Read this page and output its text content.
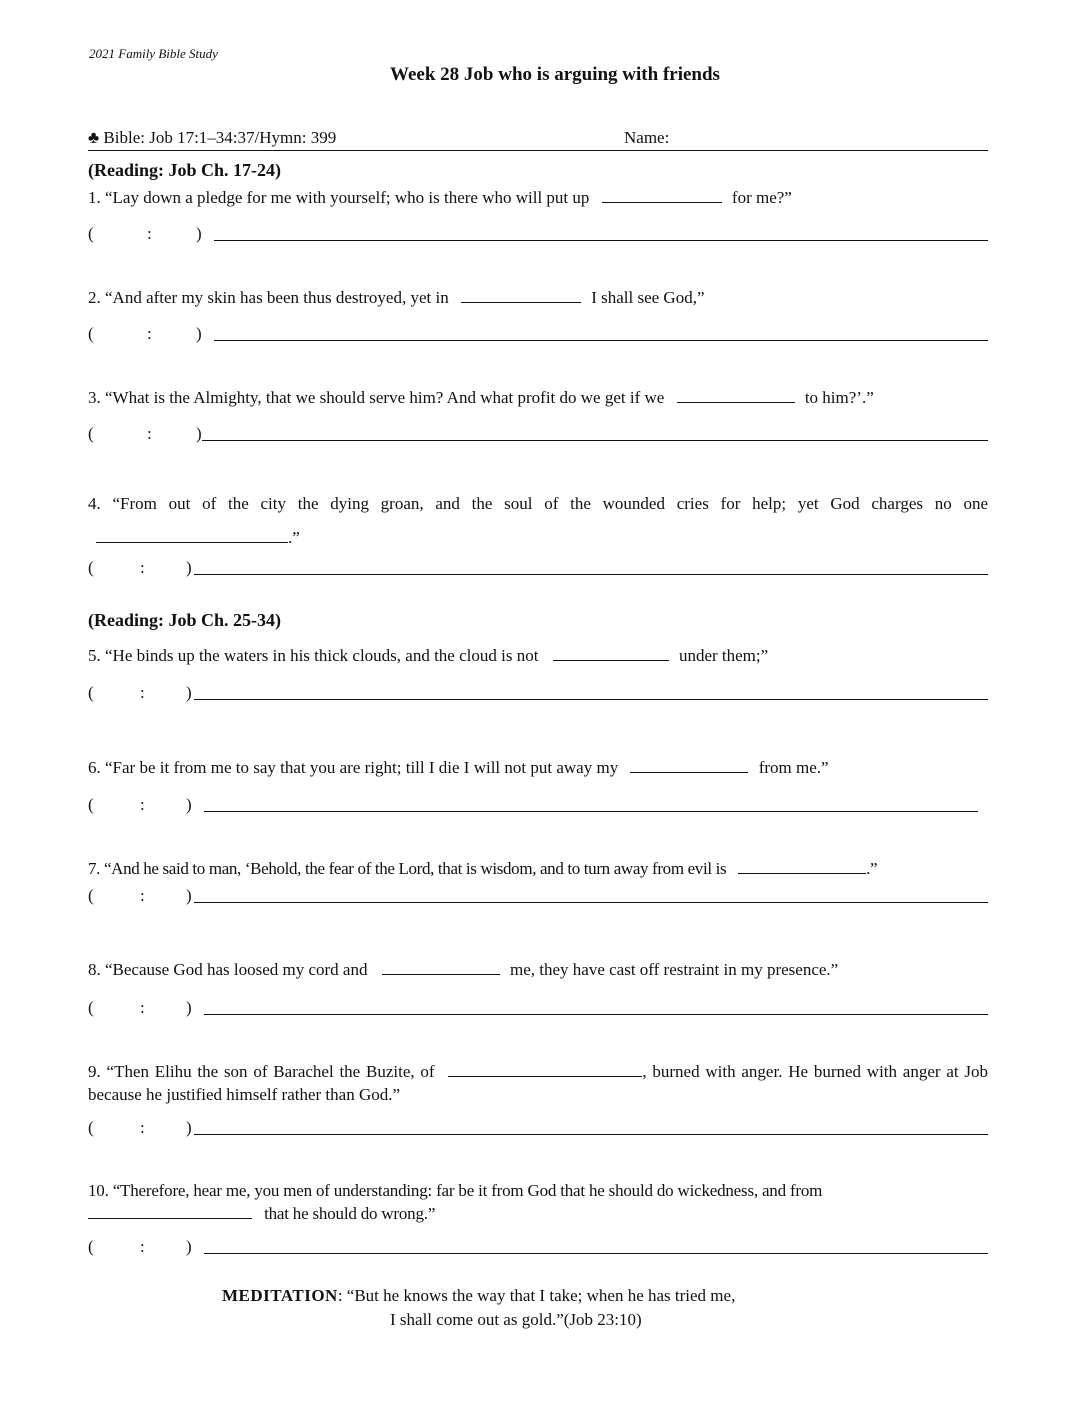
2021 Family Bible Study
Week 28 Job who is arguing with friends
♣ Bible: Job 17:1–34:37/Hymn: 399	Name:
(Reading: Job Ch. 17-24)
1. “Lay down a pledge for me with yourself; who is there who will put up	for me?”
(	:	)
2. “And after my skin has been thus destroyed, yet in	I shall see God,”
(	:	)
3. “What is the Almighty, that we should serve him? And what profit do we get if we	to him?’.”
(	:	)
4. “From out of the city the dying groan, and the soul of the wounded cries for help; yet God charges no one .”
(	: )
(Reading: Job Ch. 25-34)
5. “He binds up the waters in his thick clouds, and the cloud is not	under them;”
(	: )
6. “Far be it from me to say that you are right; till I die I will not put away my	from me.”
(	: )
7. “And he said to man, ‘Behold, the fear of the Lord, that is wisdom, and to turn away from evil is	.”
(	: )
8. “Because God has loosed my cord and	me, they have cast off restraint in my presence.”
(	: )
9. “Then Elihu the son of Barachel the Buzite, of	, burned with anger. He burned with anger at Job because he justified himself rather than God.”
(	: )
10. “Therefore, hear me, you men of understanding: far be it from God that he should do wickedness, and from  that he should do wrong.”
(	: )
MEDITATION: “But he knows the way that I take; when he has tried me,
I shall come out as gold.”(Job 23:10)
